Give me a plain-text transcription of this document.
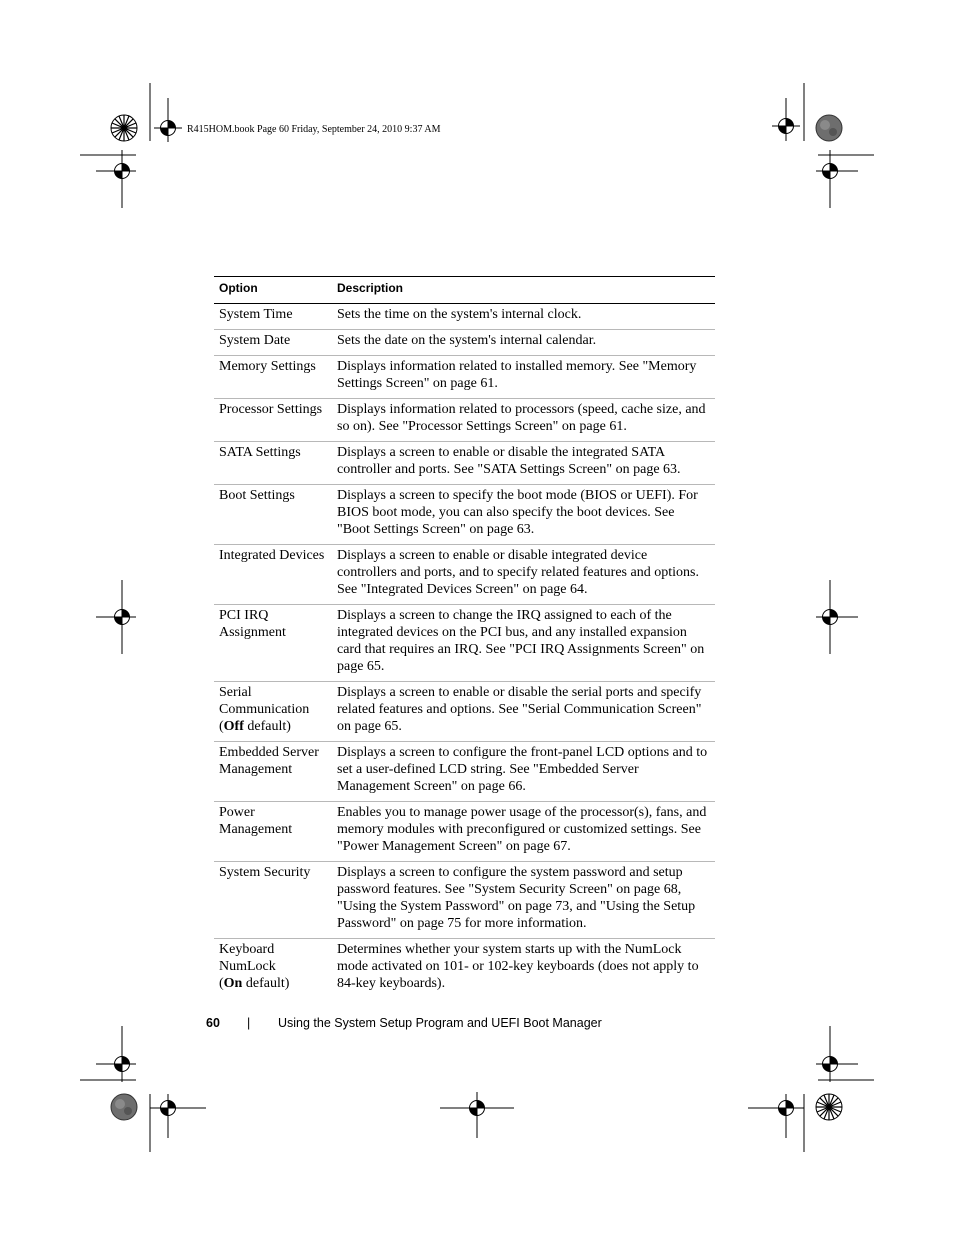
R415HOM.book Page 60 Friday, September 24, 2010 9:37 AM
Option	Description
System Time	Sets the time on the system's internal clock.
System Date	Sets the date on the system's internal calendar.
Memory Settings	Displays information related to installed memory. See "Memory Settings Screen" on page 61.
Processor Settings	Displays information related to processors (speed, cache size, and so on). See "Processor Settings Screen" on page 61.
SATA Settings	Displays a screen to enable or disable the integrated SATA controller and ports. See "SATA Settings Screen" on page 63.
Boot Settings	Displays a screen to specify the boot mode (BIOS or UEFI). For BIOS boot mode, you can also specify the boot devices. See "Boot Settings Screen" on page 63.
Integrated Devices	Displays a screen to enable or disable integrated device controllers and ports, and to specify related features and options. See "Integrated Devices Screen" on page 64.
PCI IRQ Assignment	Displays a screen to change the IRQ assigned to each of the integrated devices on the PCI bus, and any installed expansion card that requires an IRQ. See "PCI IRQ Assignments Screen" on page 65.
Serial Communication
(Off default)	Displays a screen to enable or disable the serial ports and specify related features and options. See "Serial Communication Screen" on page 65.
Embedded Server Management	Displays a screen to configure the front-panel LCD options and to set a user-defined LCD string. See "Embedded Server Management Screen" on page 66.
Power Management	Enables you to manage power usage of the processor(s), fans, and memory modules with preconfigured or customized settings. See "Power Management Screen" on page 67.
System Security	Displays a screen to configure the system password and setup password features. See "System Security Screen" on page 68, "Using the System Password" on page 73, and "Using the Setup Password" on page 75 for more information.
Keyboard NumLock
(On default)	Determines whether your system starts up with the NumLock mode activated on 101- or 102-key keyboards (does not apply to 84-key keyboards).
60 | Using the System Setup Program and UEFI Boot Manager
